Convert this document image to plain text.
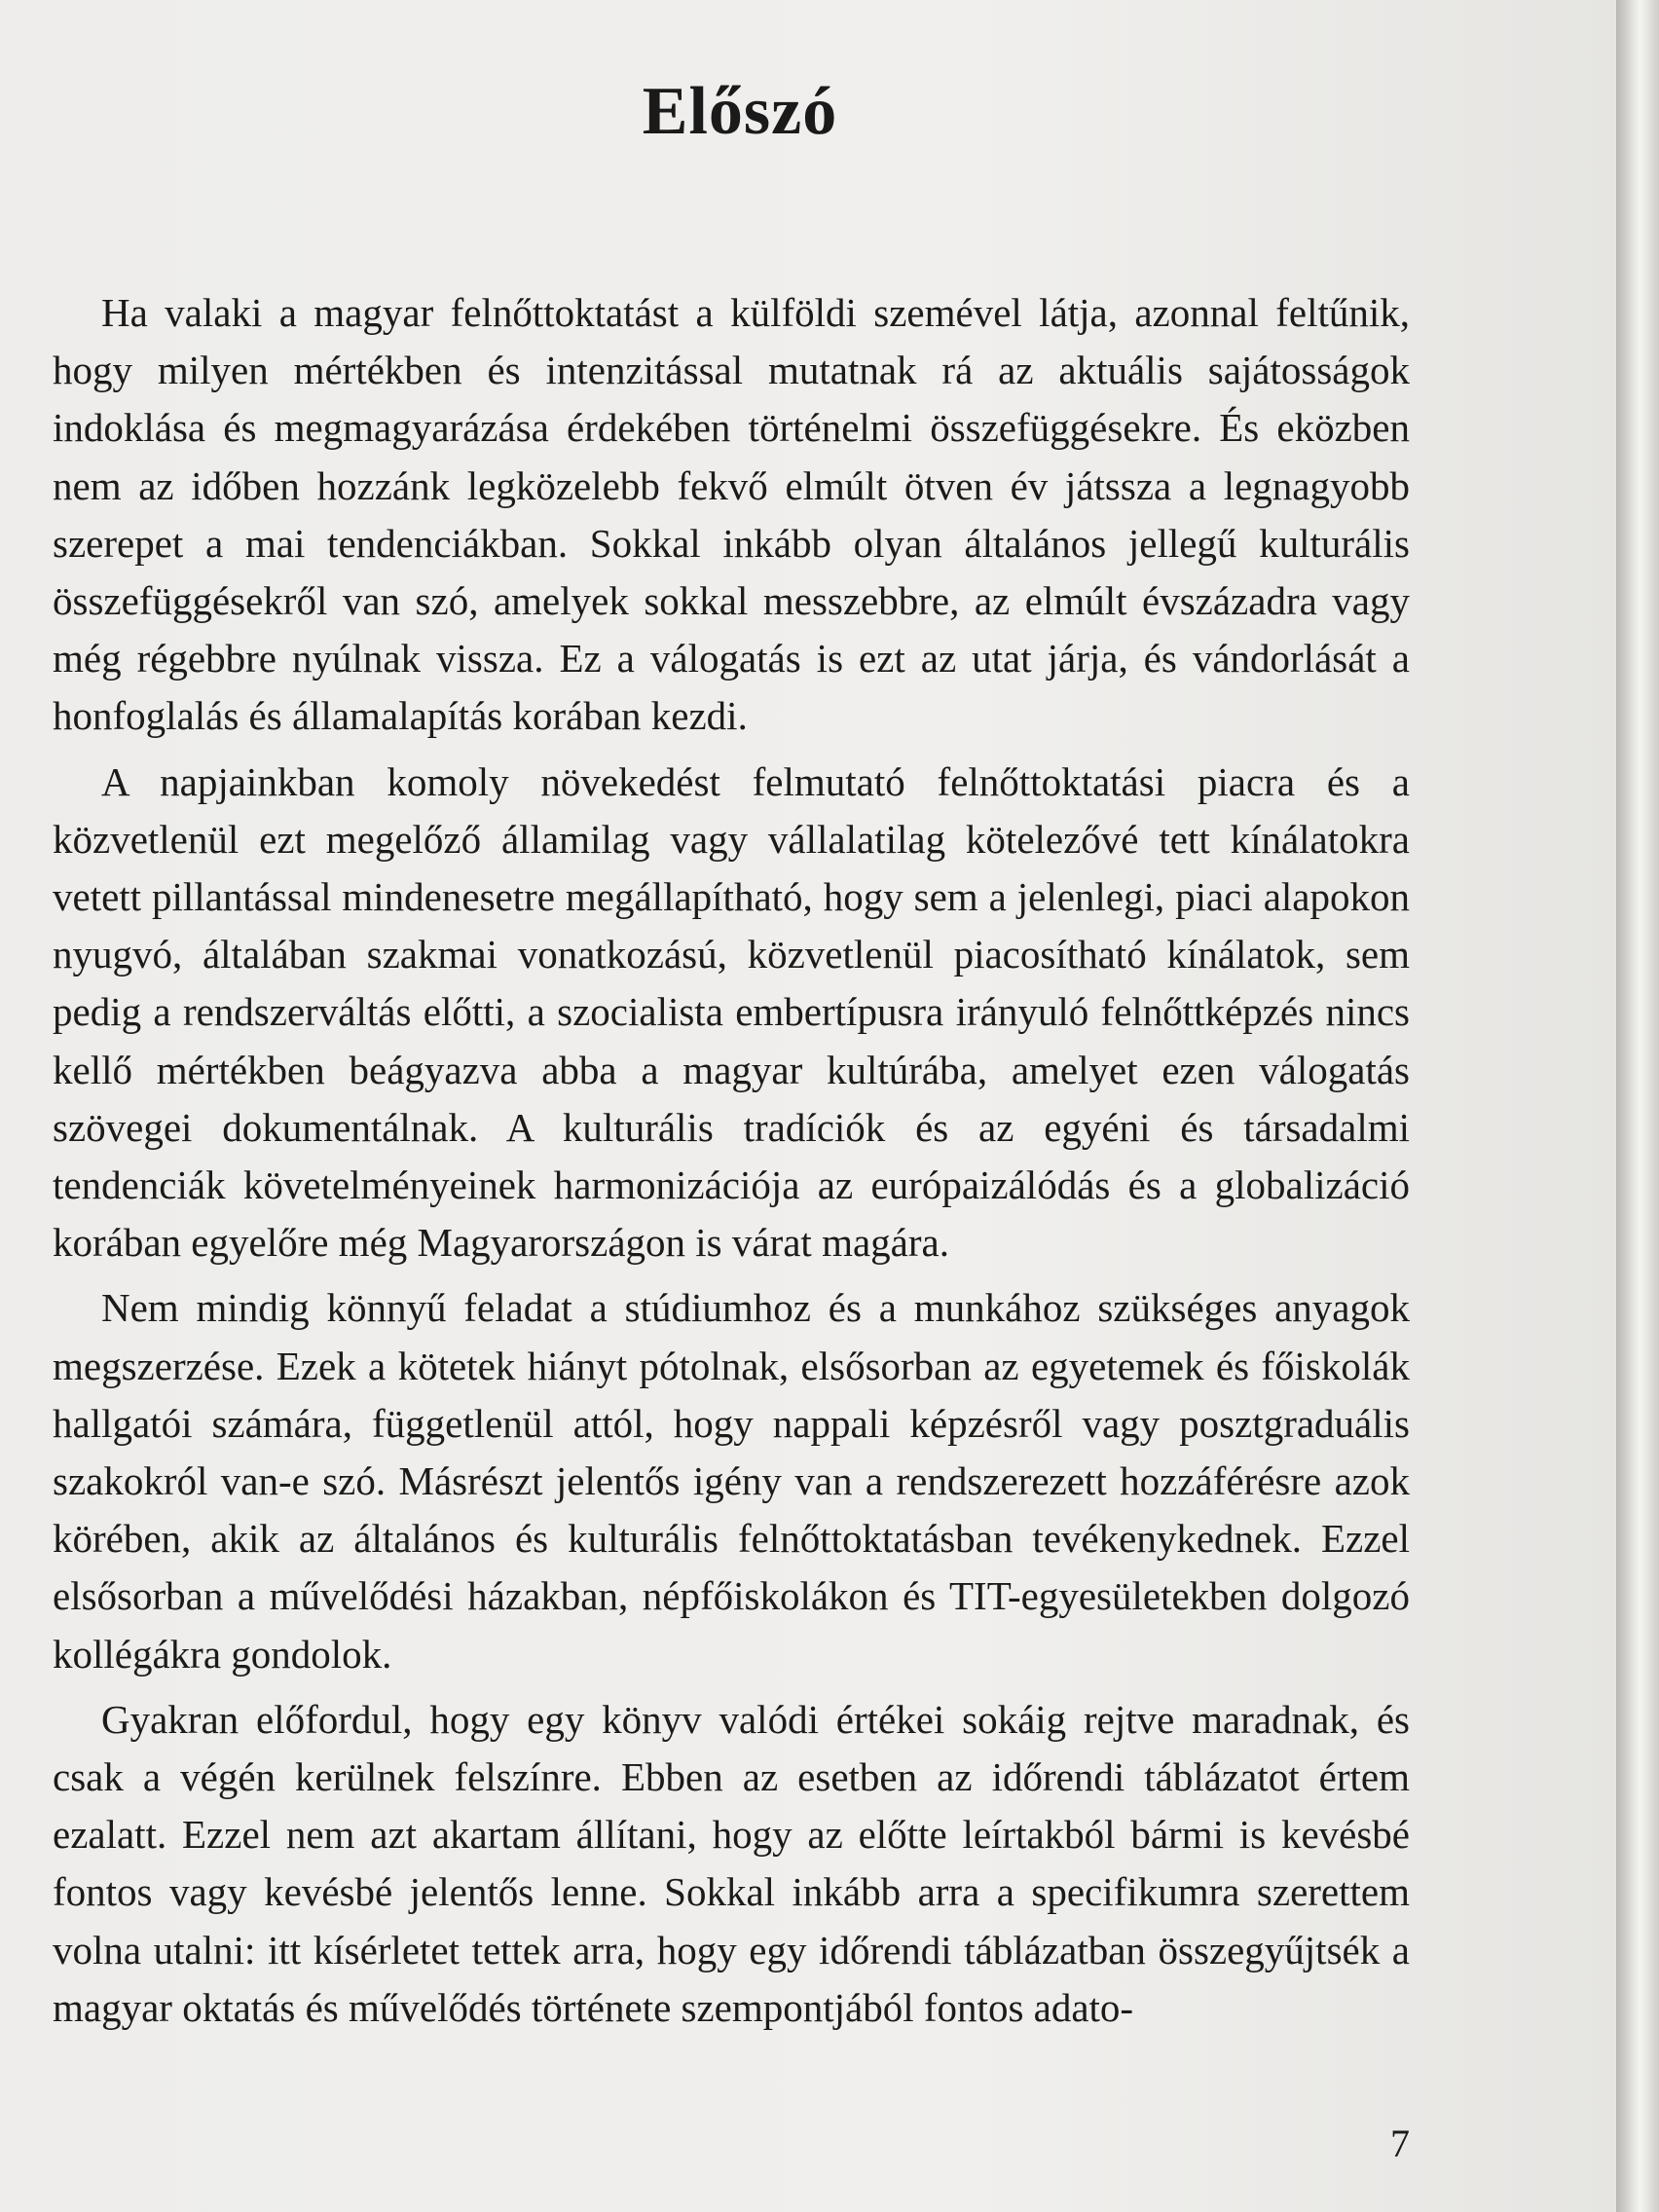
Előszó

Ha valaki a magyar felnőttoktatást a külföldi szemével látja, azonnal feltűnik, hogy milyen mértékben és intenzitással mutatnak rá az aktuális sajátosságok indoklása és megmagyarázása érdekében történelmi összefüggésekre. És eközben nem az időben hozzánk legközelebb fekvő elmúlt ötven év játssza a legnagyobb szerepet a mai tendenciákban. Sokkal inkább olyan általános jellegű kulturális összefüggésekről van szó, amelyek sokkal messzebbre, az elmúlt évszázadra vagy még régebbre nyúlnak vissza. Ez a válogatás is ezt az utat járja, és vándorlását a honfoglalás és államalapítás korában kezdi.

A napjainkban komoly növekedést felmutató felnőttoktatási piacra és a közvetlenül ezt megelőző államilag vagy vállalatilag kötelezővé tett kínálatokra vetett pillantással mindenesetre megállapítható, hogy sem a jelenlegi, piaci alapokon nyugvó, általában szakmai vonatkozású, közvetlenül piacosítható kínálatok, sem pedig a rendszerváltás előtti, a szocialista embertípusra irányuló felnőttképzés nincs kellő mértékben beágyazva abba a magyar kultúrába, amelyet ezen válogatás szövegei dokumentálnak. A kulturális tradíciók és az egyéni és társadalmi tendenciák követelményeinek harmonizációja az európaizálódás és a globalizáció korában egyelőre még Magyarországon is várat magára.

Nem mindig könnyű feladat a stúdiumhoz és a munkához szükséges anyagok megszerzése. Ezek a kötetek hiányt pótolnak, elsősorban az egyetemek és főiskolák hallgatói számára, függetlenül attól, hogy nappali képzésről vagy posztgraduális szakokról van-e szó. Másrészt jelentős igény van a rendszerezett hozzáférésre azok körében, akik az általános és kulturális felnőttoktatásban tevékenykednek. Ezzel elsősorban a művelődési házakban, népfőiskolákon és TIT-egyesületekben dolgozó kollégákra gondolok.

Gyakran előfordul, hogy egy könyv valódi értékei sokáig rejtve maradnak, és csak a végén kerülnek felszínre. Ebben az esetben az időrendi táblázatot értem ezalatt. Ezzel nem azt akartam állítani, hogy az előtte leírtakból bármi is kevésbé fontos vagy kevésbé jelentős lenne. Sokkal inkább arra a specifikumra szerettem volna utalni: itt kísérletet tettek arra, hogy egy időrendi táblázatban összegyűjtsék a magyar oktatás és művelődés története szempontjából fontos adato-

7
